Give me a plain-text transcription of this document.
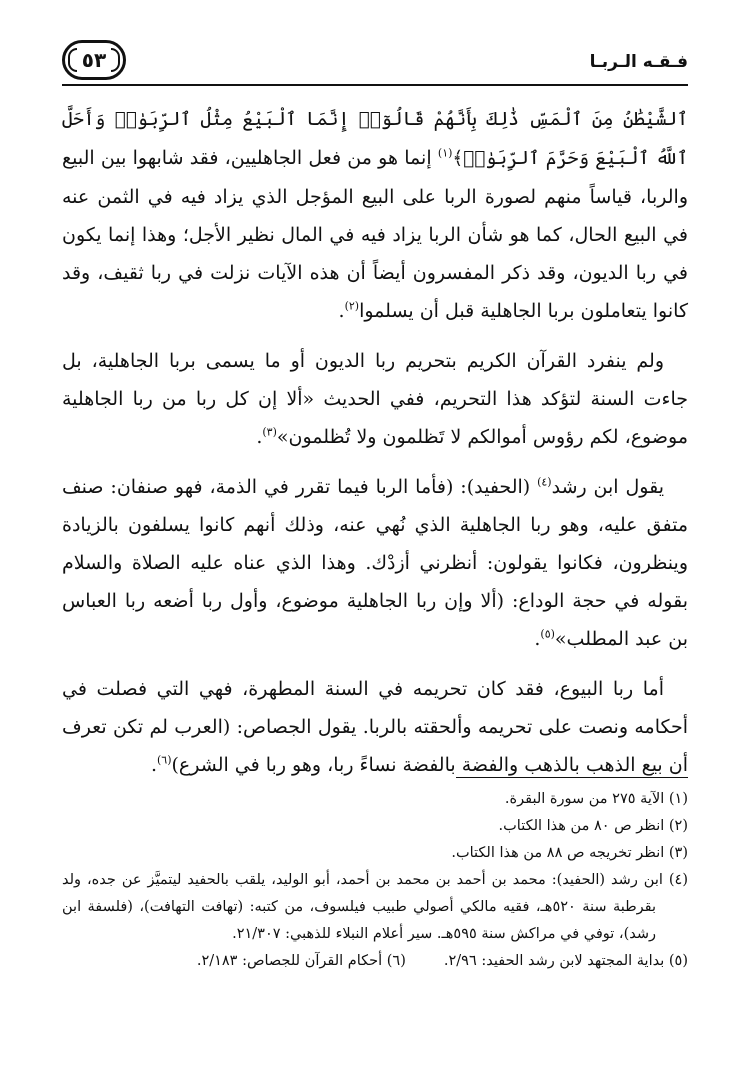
فـقـه الـربـا
٥٣

ٱلشَّيْطَٰنُ مِنَ ٱلْمَسِّ ذَٰلِكَ بِأَنَّهُمْ قَالُوٓا۟ إِنَّمَا ٱلْبَيْعُ مِثْلُ ٱلرِّبَوٰا۟ وَأَحَلَّ ٱللَّهُ ٱلْبَيْعَ وَحَرَّمَ ٱلرِّبَوٰا۟﴾$^{(١)}$ إنما هو من فعل الجاهليين، فقد شابهوا بين البيع والربا، قياساً منهم لصورة الربا على البيع المؤجل الذي يزاد فيه في الثمن عنه في البيع الحال، كما هو شأن الربا يزاد فيه في المال نظير الأجل؛ وهذا إنما يكون في ربا الديون، وقد ذكر المفسرون أيضاً أن هذه الآيات نزلت في ربا ثقيف، وقد كانوا يتعاملون بربا الجاهلية قبل أن يسلموا$^{(٢)}$.

ولم ينفرد القرآن الكريم بتحريم ربا الديون أو ما يسمى بربا الجاهلية، بل جاءت السنة لتؤكد هذا التحريم، ففي الحديث «ألا إن كل ربا من ربا الجاهلية موضوع، لكم رؤوس أموالكم لا تَظلمون ولا تُظلمون»$^{(٣)}$.

يقول ابن رشد$^{(٤)}$ (الحفيد): (فأما الربا فيما تقرر في الذمة، فهو صنفان: صنف متفق عليه، وهو ربا الجاهلية الذي نُهي عنه، وذلك أنهم كانوا يسلفون بالزيادة وينظرون، فكانوا يقولون: أنظرني أزدْك. وهذا الذي عناه عليه الصلاة والسلام بقوله في حجة الوداع: (ألا وإن ربا الجاهلية موضوع، وأول ربا أضعه ربا العباس بن عبد المطلب»$^{(٥)}$.

أما ربا البيوع، فقد كان تحريمه في السنة المطهرة، فهي التي فصلت في أحكامه ونصت على تحريمه وألحقته بالربا. يقول الجصاص: (العرب لم تكن تعرف أن بيع الذهب بالذهب والفضة بالفضة نساءً ربا، وهو ربا في الشرع)$^{(٦)}$.

(١) الآية ٢٧٥ من سورة البقرة.

(٢) انظر ص ٨٠ من هذا الكتاب.

(٣) انظر تخريجه ص ٨٨ من هذا الكتاب.

(٤) ابن رشد (الحفيد): محمد بن أحمد بن محمد بن أحمد، أبو الوليد، يلقب بالحفيد ليتميَّز عن جده، ولد بقرطبة سنة ٥٢٠هـ، فقيه مالكي أصولي طبيب فيلسوف، من كتبه: (تهافت التهافت)، (فلسفة ابن رشد)، توفي في مراكش سنة ٥٩٥هـ. سير أعلام النبلاء للذهبي: ٢١/٣٠٧.

(٥) بداية المجتهد لابن رشد الحفيد: ٢/٩٦.
(٦) أحكام القرآن للجصاص: ٢/١٨٣.
